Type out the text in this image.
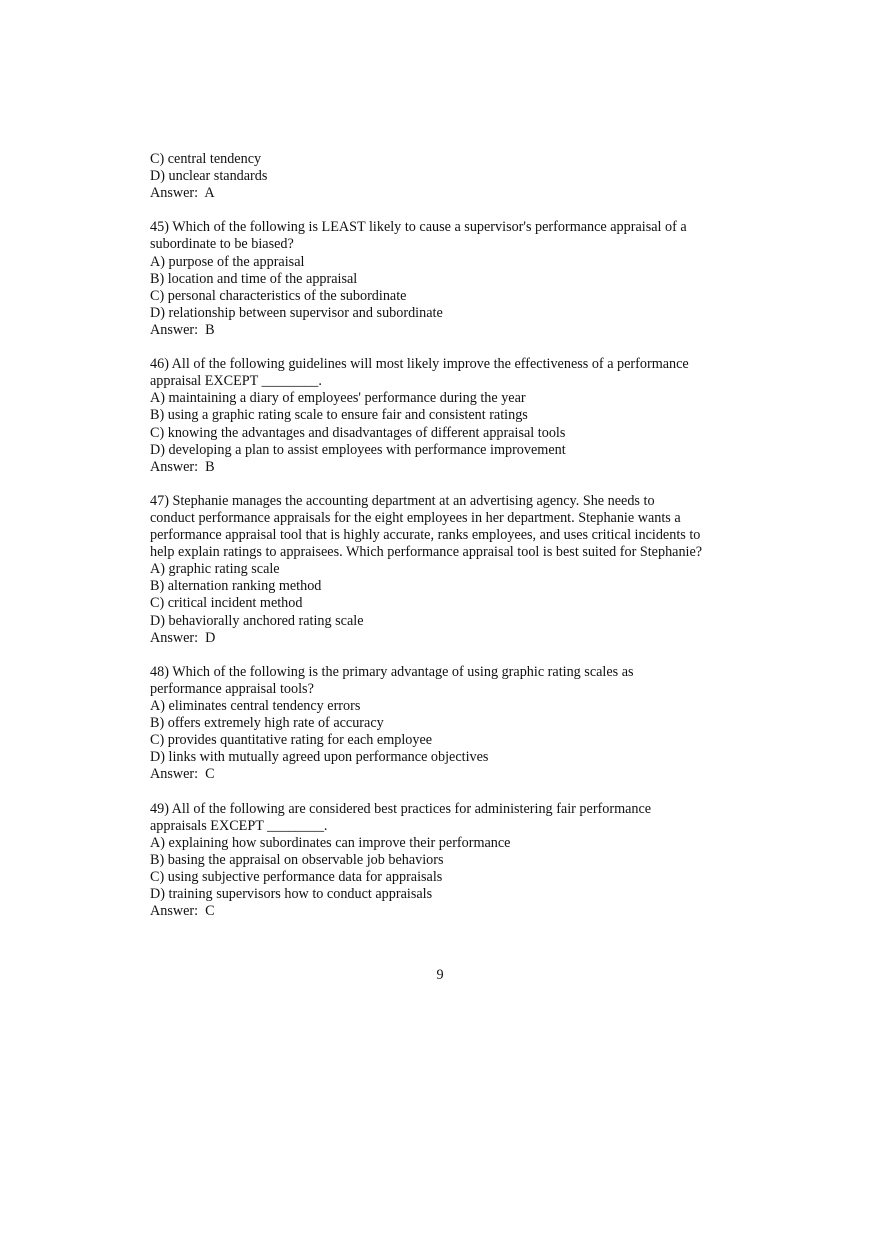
C) central tendency
D) unclear standards
Answer:  A
45) Which of the following is LEAST likely to cause a supervisor's performance appraisal of a
subordinate to be biased?
A) purpose of the appraisal
B) location and time of the appraisal
C) personal characteristics of the subordinate
D) relationship between supervisor and subordinate
Answer:  B
46) All of the following guidelines will most likely improve the effectiveness of a performance
appraisal EXCEPT ________.
A) maintaining a diary of employees' performance during the year
B) using a graphic rating scale to ensure fair and consistent ratings
C) knowing the advantages and disadvantages of different appraisal tools
D) developing a plan to assist employees with performance improvement
Answer:  B
47) Stephanie manages the accounting department at an advertising agency. She needs to
conduct performance appraisals for the eight employees in her department. Stephanie wants a
performance appraisal tool that is highly accurate, ranks employees, and uses critical incidents to
help explain ratings to appraisees. Which performance appraisal tool is best suited for Stephanie?
A) graphic rating scale
B) alternation ranking method
C) critical incident method
D) behaviorally anchored rating scale
Answer:  D
48) Which of the following is the primary advantage of using graphic rating scales as
performance appraisal tools?
A) eliminates central tendency errors
B) offers extremely high rate of accuracy
C) provides quantitative rating for each employee
D) links with mutually agreed upon performance objectives
Answer:  C
49) All of the following are considered best practices for administering fair performance
appraisals EXCEPT ________.
A) explaining how subordinates can improve their performance
B) basing the appraisal on observable job behaviors
C) using subjective performance data for appraisals
D) training supervisors how to conduct appraisals
Answer:  C
9
